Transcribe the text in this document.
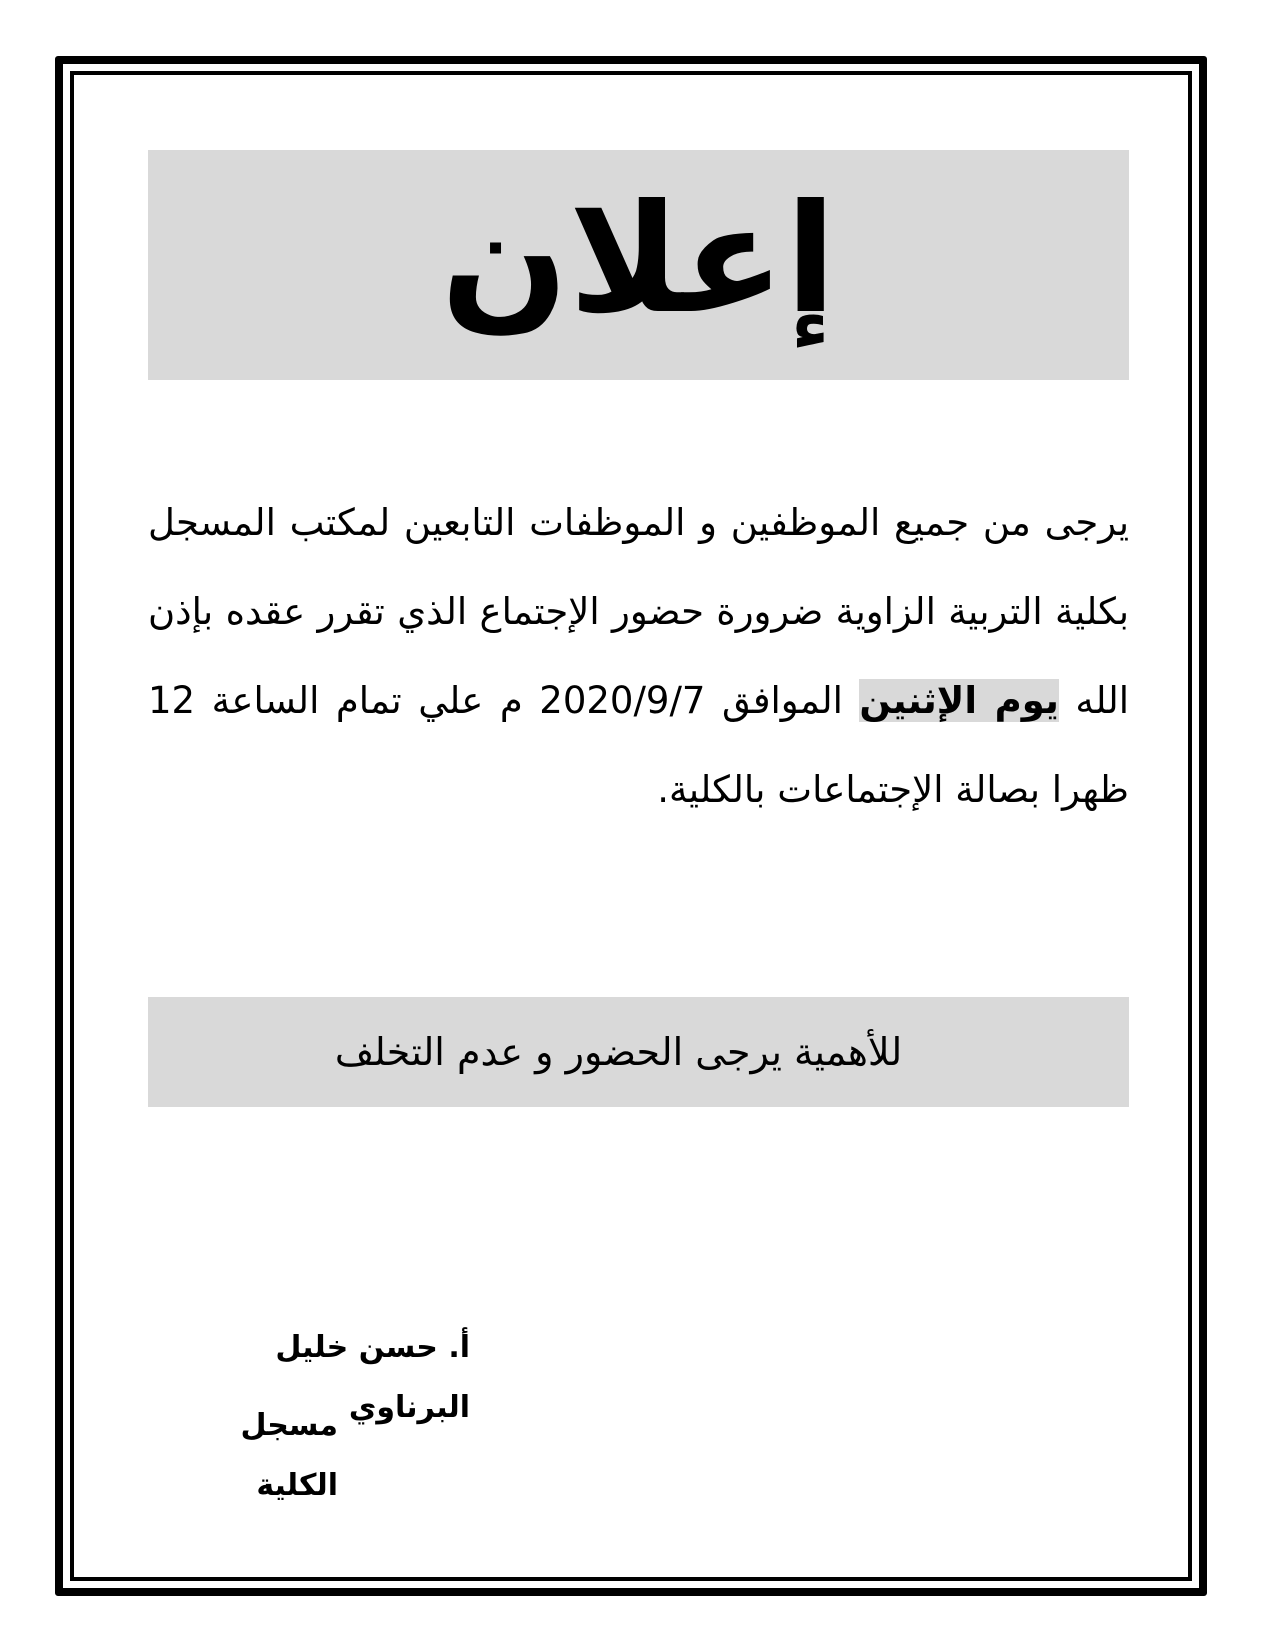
إعلان
يرجى من جميع الموظفين و الموظفات التابعين لمكتب المسجل بكلية التربية الزاوية ضرورة حضور الإجتماع الذي تقرر عقده بإذن الله يوم الإثنين الموافق 2020/9/7 م علي تمام الساعة 12 ظهرا بصالة الإجتماعات بالكلية.
للأهمية يرجى الحضور و عدم التخلف
أ. حسن خليل البرناوي
مسجل الكلية
